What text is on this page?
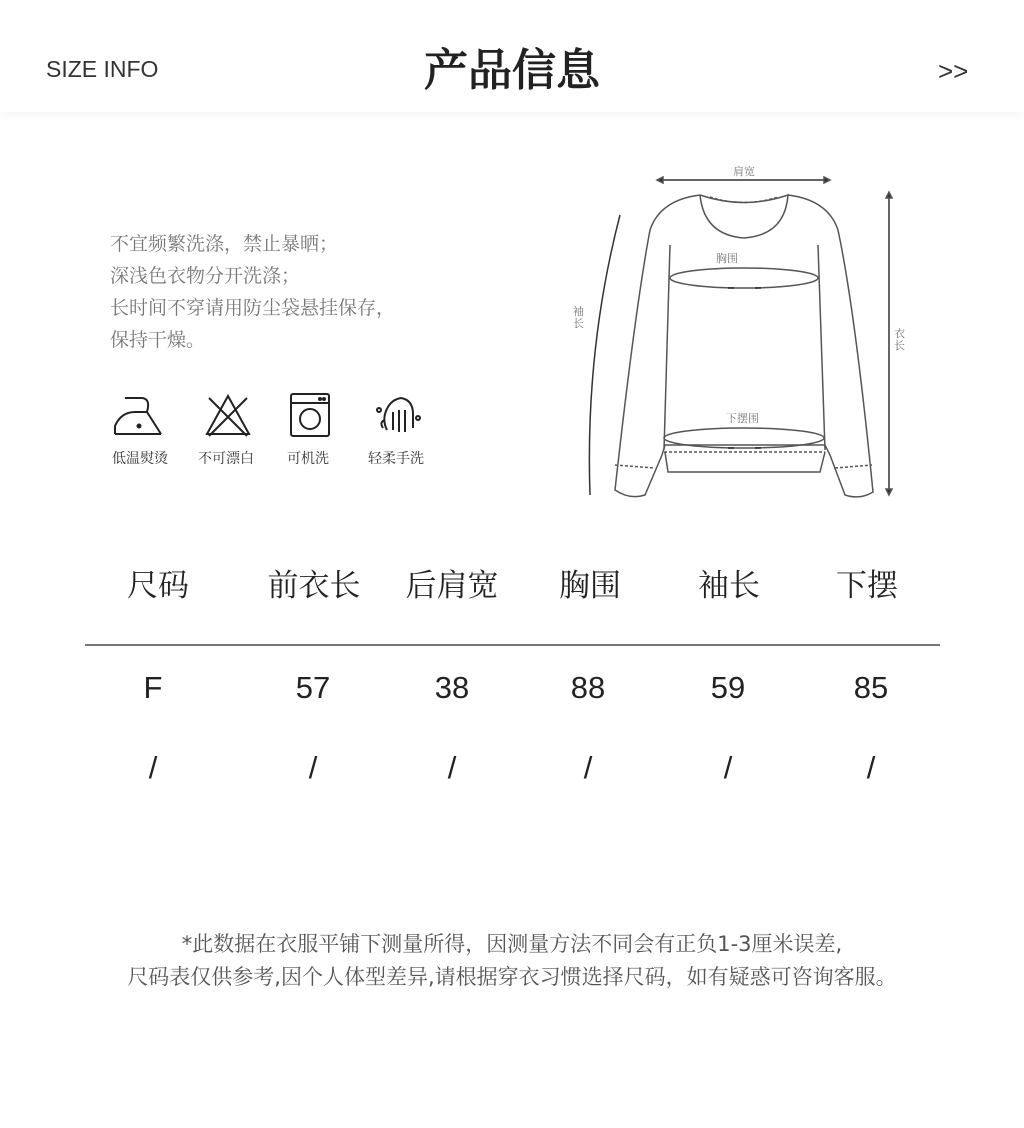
SIZE INFO	产品信息	>>
不宜频繁洗涤，禁止暴晒；
深浅色衣物分开洗涤；
长时间不穿请用防尘袋悬挂保存，
保持干燥。
低温熨烫	不可漂白	可机洗	轻柔手洗
肩宽
胸围
下摆围
袖长
衣长
尺码	前衣长	后肩宽	胸围	袖长	下摆
F	57	38	88	59	85
/	/	/	/	/	/
*此数据在衣服平铺下测量所得，因测量方法不同会有正负1-3厘米误差,
尺码表仅供参考,因个人体型差异,请根据穿衣习惯选择尺码，如有疑惑可咨询客服。
